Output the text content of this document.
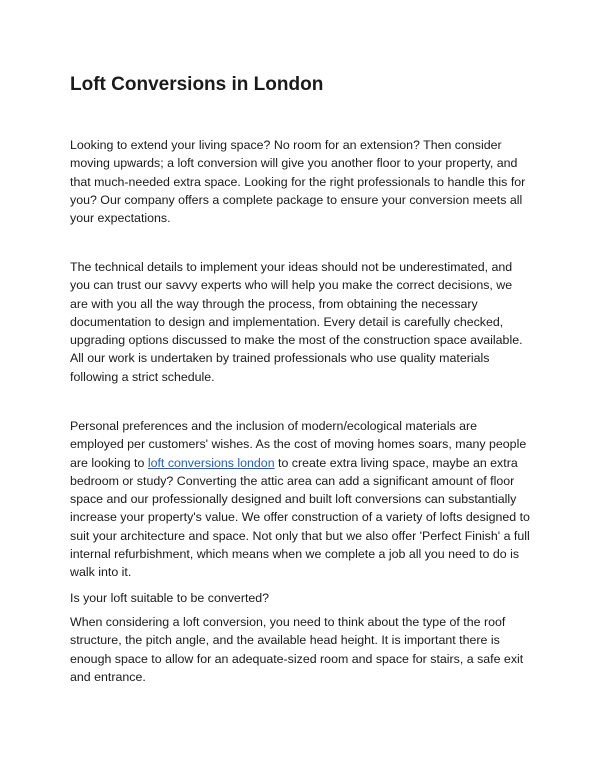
Loft Conversions in London

Looking to extend your living space? No room for an extension? Then consider moving upwards; a loft conversion will give you another floor to your property, and that much-needed extra space. Looking for the right professionals to handle this for you? Our company offers a complete package to ensure your conversion meets all your expectations.

The technical details to implement your ideas should not be underestimated, and you can trust our savvy experts who will help you make the correct decisions, we are with you all the way through the process, from obtaining the necessary documentation to design and implementation. Every detail is carefully checked, upgrading options discussed to make the most of the construction space available. All our work is undertaken by trained professionals who use quality materials following a strict schedule.

Personal preferences and the inclusion of modern/ecological materials are employed per customers' wishes. As the cost of moving homes soars, many people are looking to loft conversions london to create extra living space, maybe an extra bedroom or study? Converting the attic area can add a significant amount of floor space and our professionally designed and built loft conversions can substantially increase your property's value. We offer construction of a variety of lofts designed to suit your architecture and space. Not only that but we also offer 'Perfect Finish' a full internal refurbishment, which means when we complete a job all you need to do is walk into it.

Is your loft suitable to be converted?

When considering a loft conversion, you need to think about the type of the roof structure, the pitch angle, and the available head height. It is important there is enough space to allow for an adequate-sized room and space for stairs, a safe exit and entrance.
